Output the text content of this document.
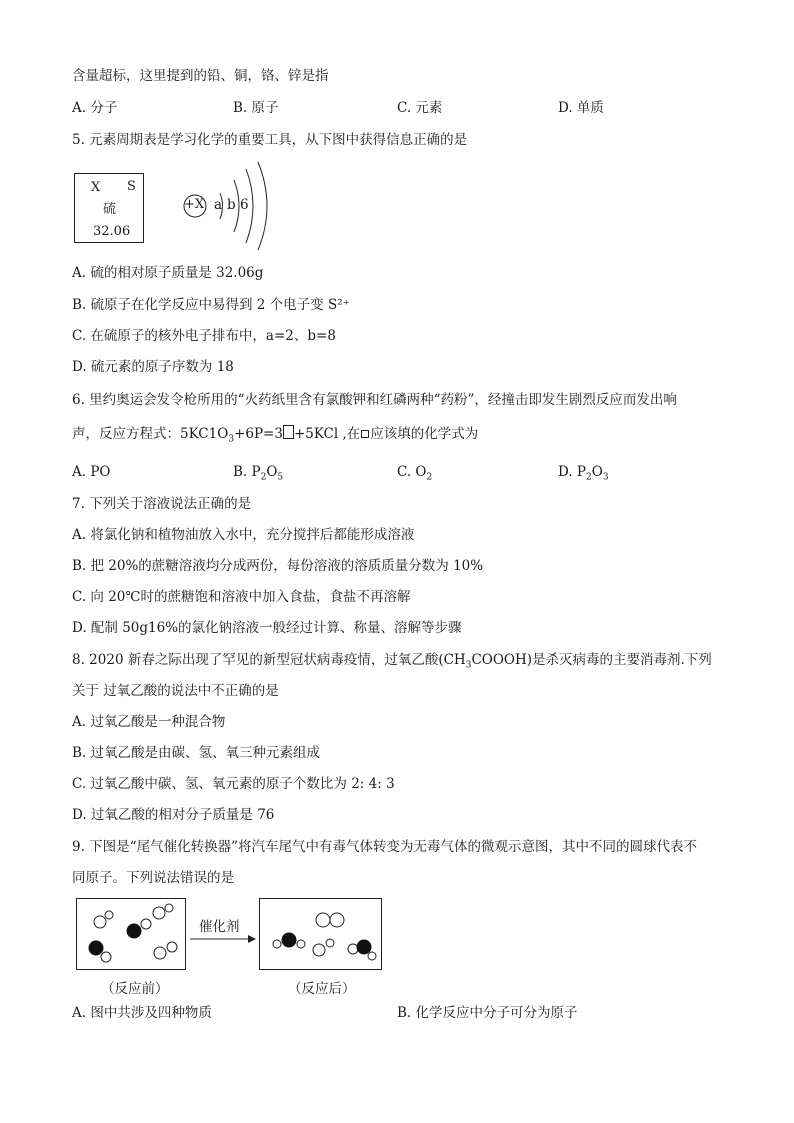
含量超标，这里提到的铅、铜，铬、锌是指
A. 分子	B. 原子	C. 元素	D. 单质
5. 元素周期表是学习化学的重要工具，从下图中获得信息正确的是
X S
硫
32.06
+X a b 6
A. 硫的相对原子质量是 32.06g
B. 硫原子在化学反应中易得到 2 个电子变 S²⁺
C. 在硫原子的核外电子排布中，a=2、b=8
D. 硫元素的原子序数为 18
6. 里约奥运会发令枪所用的“火药纸里含有氯酸钾和红磷两种“药粉”，经撞击即发生剧烈反应而发出响
声，反应方程式：$5KC1O_3+6P=3 +5KCl$ ,在 应该填的化学式为
A. PO	B. $P_2O_5$	C. $O_2$	D. $P_2O_3$
7. 下列关于溶液说法正确的是
A. 将氯化钠和植物油放入水中，充分搅拌后都能形成溶液
B. 把 20%的蔗糖溶液均分成两份，每份溶液的溶质质量分数为 10%
C. 向 20℃时的蔗糖饱和溶液中加入食盐，食盐不再溶解
D. 配制 50g16%的氯化钠溶液一般经过计算、称量、溶解等步骤
8. 2020 新春之际出现了罕见的新型冠状病毒疫情，过氧乙酸$(CH_3COOOH)$是杀灭病毒的主要消毒剂.下列
关于 过氧乙酸的说法中不正确的是
A. 过氧乙酸是一种混合物
B. 过氧乙酸是由碳、氢、氧三种元素组成
C. 过氧乙酸中碳、氢、氧元素的原子个数比为 2: 4: 3
D. 过氧乙酸的相对分子质量是 76
9. 下图是“尾气催化转换器”将汽车尾气中有毒气体转变为无毒气体的微观示意图，其中不同的圆球代表不
同原子。下列说法错误的是
催化剂
（反应前）	（反应后）
A. 图中共涉及四种物质	B. 化学反应中分子可分为原子
